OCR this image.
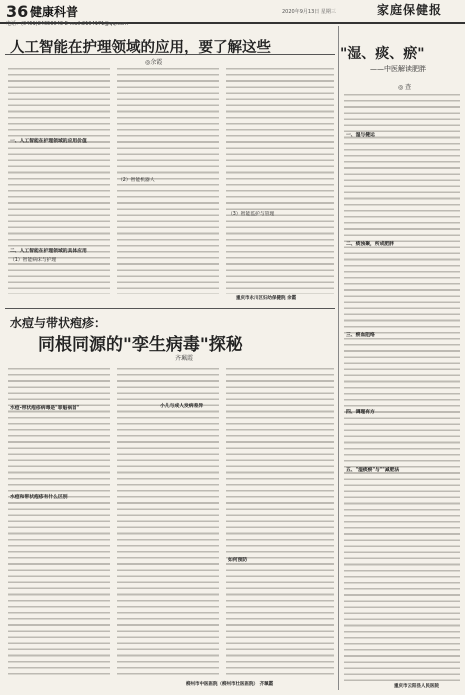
36 健康科普	2020年9月13日 星期三	家庭保健报
电话：(0451)84650043 E-mail:2194171@qq.com
人工智能在护理领域的应用，要了解这些
◎余霞
一、人工智能在护理领域的应用价值
二、人工智能在护理领域的具体应用
（1）智能病床与护理
（2）智能机器人
（3）智能监护与管理
重庆市永川区妇幼保健院 余霞
水痘与带状疱疹：
同根同源的"孪生病毒"探秘
齐珮霞
水痘-带状疱疹病毒是"罪魁祸首"
水痘和带状疱疹有什么区别
小儿与成人发病差异
如何预防
柳州市中医医院（柳州市壮医医院） 齐珮霞
"湿、痰、瘀"
——中医解读肥胖
◎ 查
一、湿与健运
二、痰浊聚，所成肥胖
三、瘀血阻络
四、调理有方
五、"湿痰瘀"与""减肥法
重庆市云阳县人民医院
